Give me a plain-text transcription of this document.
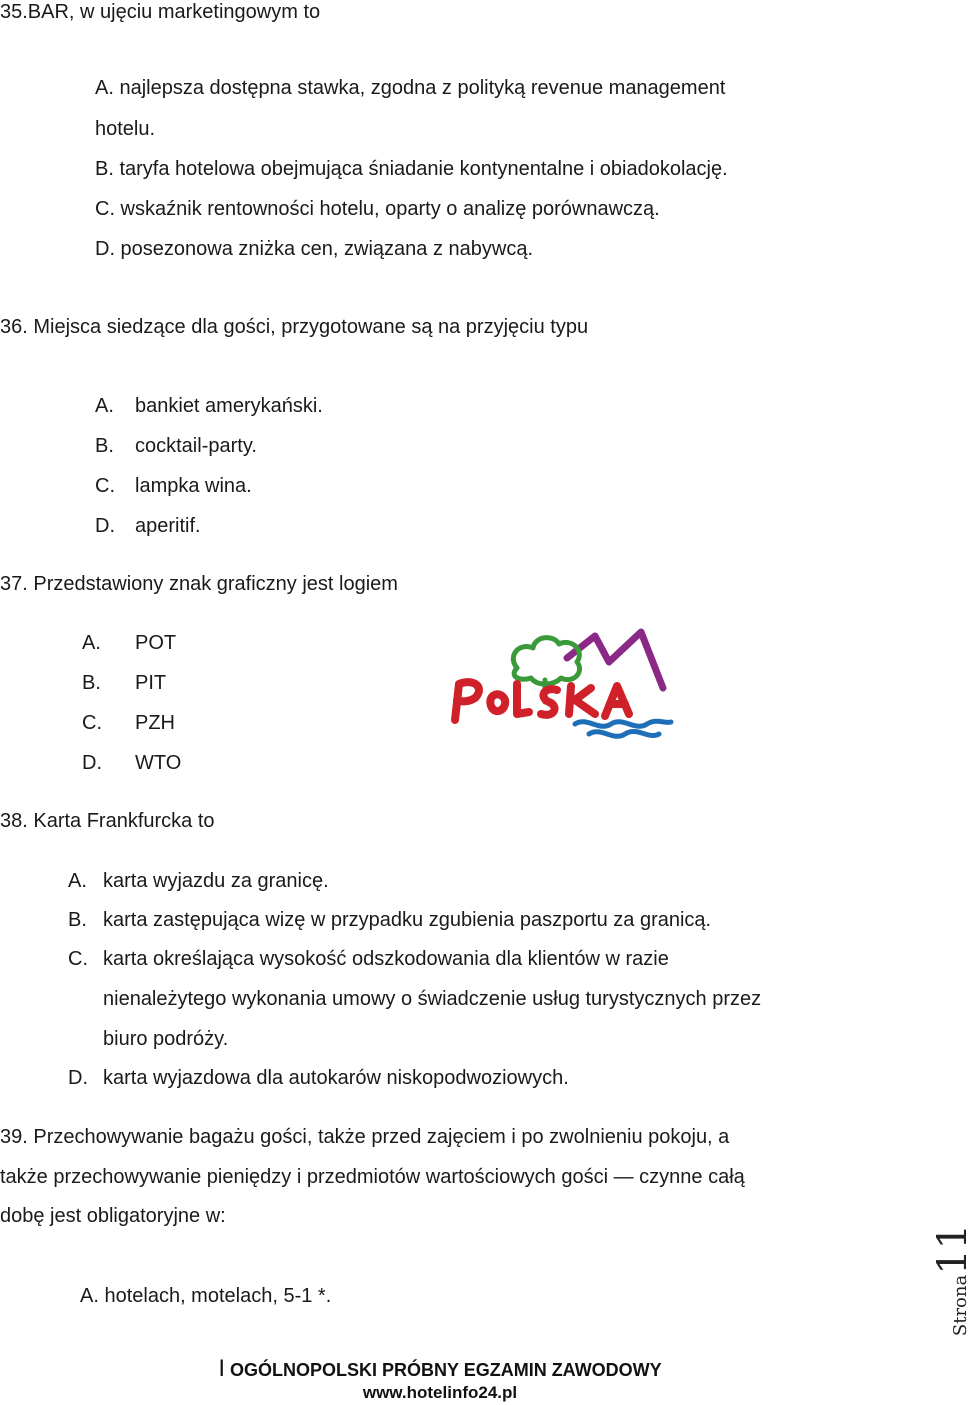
35.BAR, w ujęciu marketingowym to
A. najlepsza dostępna stawka, zgodna z polityką revenue management
hotelu.
B. taryfa hotelowa obejmująca śniadanie kontynentalne i obiadokolację.
C. wskaźnik rentowności hotelu, oparty o analizę porównawczą.
D. posezonowa zniżka cen, związana z nabywcą.
36. Miejsca siedzące dla gości, przygotowane są na przyjęciu typu
A. bankiet amerykański.
B. cocktail-party.
C. lampka wina.
D. aperitif.
37. Przedstawiony znak graficzny jest logiem
A. POT
B. PIT
C. PZH
D. WTO
38. Karta Frankfurcka to
A. karta wyjazdu za granicę.
B. karta zastępująca wizę w przypadku zgubienia paszportu za granicą.
C. karta określająca wysokość odszkodowania dla klientów w razie
nienależytego wykonania umowy o świadczenie usług turystycznych przez
biuro podróży.
D. karta wyjazdowa dla autokarów niskopodwoziowych.
39. Przechowywanie bagażu gości, także przed zajęciem i po zwolnieniu pokoju, a
także przechowywanie pieniędzy i przedmiotów wartościowych gości — czynne całą
dobę jest obligatoryjne w:
A. hotelach, motelach, 5-1 *.	Strona11
I OGÓLNOPOLSKI PRÓBNY EGZAMIN ZAWODOWY
www.hotelinfo24.pl
